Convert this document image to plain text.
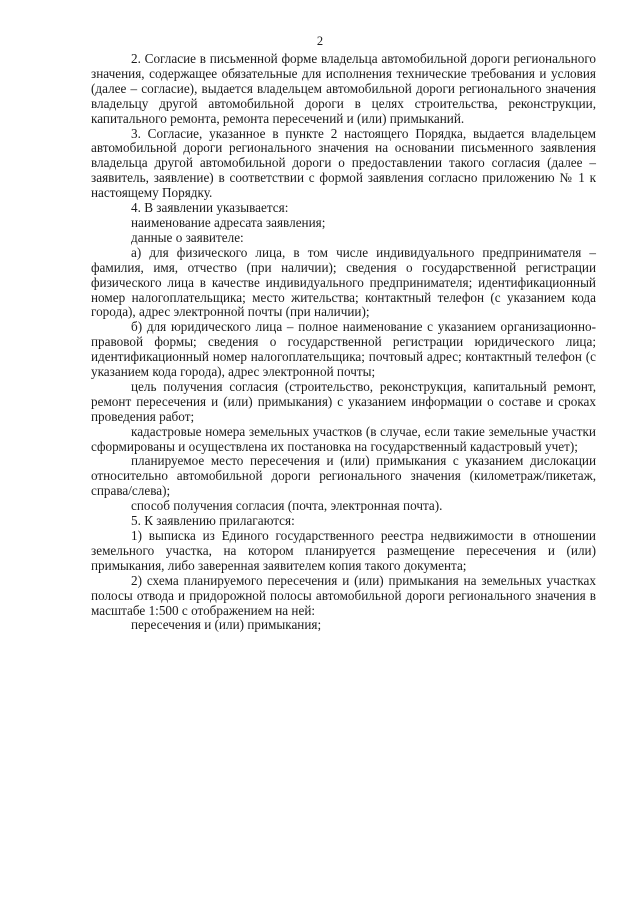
2

2. Согласие в письменной форме владельца автомобильной дороги регионального значения, содержащее обязательные для исполнения технические требования и условия (далее – согласие), выдается владельцем автомобильной дороги регионального значения владельцу другой автомобильной дороги в целях строительства, реконструкции, капитального ремонта, ремонта пересечений и (или) примыканий.

3. Согласие, указанное в пункте 2 настоящего Порядка, выдается владельцем автомобильной дороги регионального значения на основании письменного заявления владельца другой автомобильной дороги о предоставлении такого согласия (далее – заявитель, заявление) в соответствии с формой заявления согласно приложению № 1 к настоящему Порядку.

4. В заявлении указывается:

наименование адресата заявления;

данные о заявителе:

а) для физического лица, в том числе индивидуального предпринимателя – фамилия, имя, отчество (при наличии); сведения о государственной регистрации физического лица в качестве индивидуального предпринимателя; идентификационный номер налогоплательщика; место жительства; контактный телефон (с указанием кода города), адрес электронной почты (при наличии);

б) для юридического лица – полное наименование с указанием организационно-правовой формы; сведения о государственной регистрации юридического лица; идентификационный номер налогоплательщика; почтовый адрес; контактный телефон (с указанием кода города), адрес электронной почты;

цель получения согласия (строительство, реконструкция, капитальный ремонт, ремонт пересечения и (или) примыкания) с указанием информации о составе и сроках проведения работ;

кадастровые номера земельных участков (в случае, если такие земельные участки сформированы и осуществлена их постановка на государственный кадастровый учет);

планируемое место пересечения и (или) примыкания с указанием дислокации относительно автомобильной дороги регионального значения (километраж/пикетаж, справа/слева);

способ получения согласия (почта, электронная почта).

5. К заявлению прилагаются:

1) выписка из Единого государственного реестра недвижимости в отношении земельного участка, на котором планируется размещение пересечения и (или) примыкания, либо заверенная заявителем копия такого документа;

2) схема планируемого пересечения и (или) примыкания на земельных участках полосы отвода и придорожной полосы автомобильной дороги регионального значения в масштабе 1:500 с отображением на ней:

пересечения и (или) примыкания;
